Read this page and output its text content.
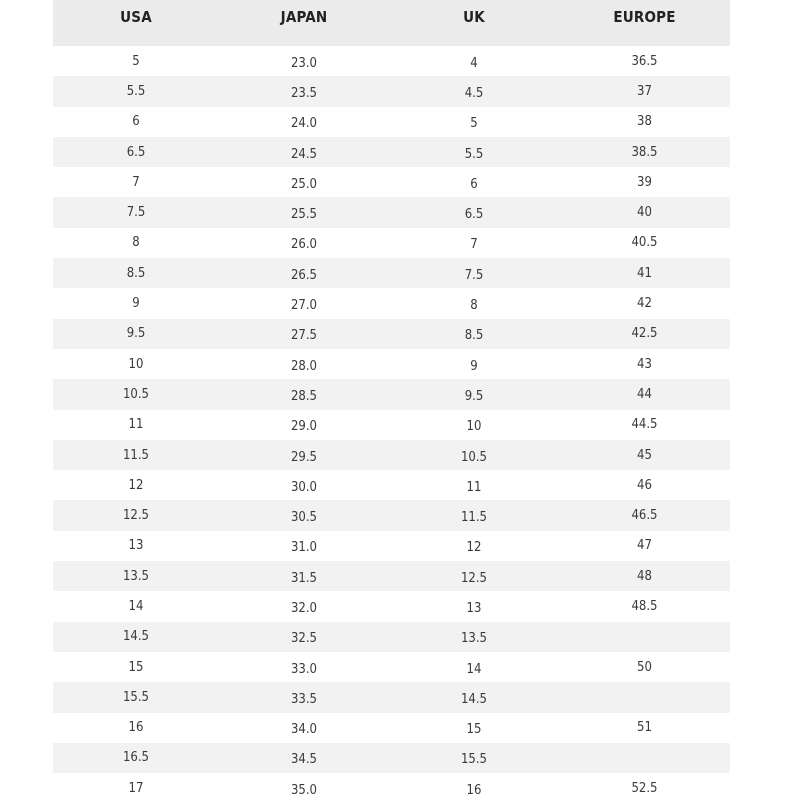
USA	JAPAN	UK	EUROPE
5	23.0	4	36.5
5.5	23.5	4.5	37
6	24.0	5	38
6.5	24.5	5.5	38.5
7	25.0	6	39
7.5	25.5	6.5	40
8	26.0	7	40.5
8.5	26.5	7.5	41
9	27.0	8	42
9.5	27.5	8.5	42.5
10	28.0	9	43
10.5	28.5	9.5	44
11	29.0	10	44.5
11.5	29.5	10.5	45
12	30.0	11	46
12.5	30.5	11.5	46.5
13	31.0	12	47
13.5	31.5	12.5	48
14	32.0	13	48.5
14.5	32.5	13.5	
15	33.0	14	50
15.5	33.5	14.5	
16	34.0	15	51
16.5	34.5	15.5	
17	35.0	16	52.5
